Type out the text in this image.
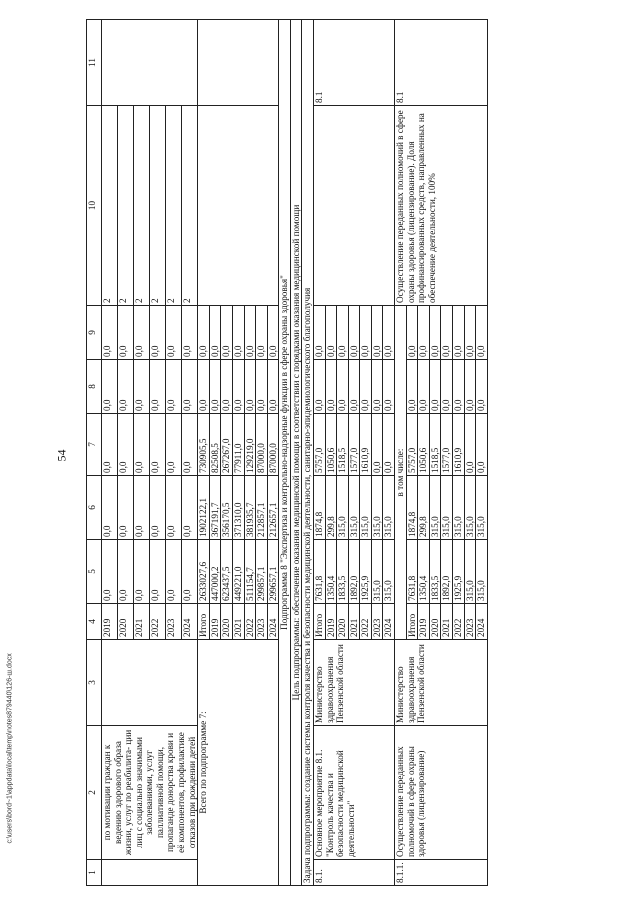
54
c:\users\bord~1\appdata\local\temp\notes879440\126-ш.docx
1	2	3	4	5	6	7	8	9	10	11
	по мотивации граждан к ведению здорового образа жизни, услуг по реабилита- ции лиц с социально значимыми заболеваниями, услуг паллиативной помощи, пропаганде донорства крови и её компонентов, профилактике отказов при рождении детей		2019	0,0	0,0	0,0	0,0	0,0	2	
			2020	0,0	0,0	0,0	0,0	0,0	2	
			2021	0,0	0,0	0,0	0,0	0,0	2	
			2022	0,0	0,0	0,0	0,0	0,0	2	
			2023	0,0	0,0	0,0	0,0	0,0	2	
			2024	0,0	0,0	0,0	0,0	0,0	2	
Всего по подпрограмме 7:			Итого	2633027,6	1902122,1	730905,5	0,0	0,0		
			2019	447000,2	367191,7	82508,5	0,0	0,0		
			2020	623437,5	356170,5	267267,0	0,0	0,0		
			2021	449221,0	371310,0	77911,0	0,0	0,0		
			2022	511154,7	381935,7	129219,0	0,0	0,0		
			2023	299857,1	212857,1	87000,0	0,0	0,0		
			2024	299657,1	212657,1	87000,0	0,0	0,0		
Подпрограмма 8 "Экспертиза и контрольно-надзорные функции в сфере охраны здоровья"										
Цель подпрограммы: обеспечение оказания медицинской помощи в соответствии с порядками оказания медицинской помощи										
Задача подпрограммы: создание системы контроля качества и безопасности медицинской деятельности, санитарно-эпидемиологического благополучия										
8.1.	Основное мероприятие 8.1. "Контроль качества и безопасности медицинской деятельности"	Министерство здравоохранения Пензенской области	Итого	7631,8	1874,8	5757,0	0,0	0,0		8.1
			2019	1350,4	299,8	1050,6	0,0	0,0		
			2020	1833,5	315,0	1518,5	0,0	0,0		
			2021	1892,0	315,0	1577,0	0,0	0,0		
			2022	1925,9	315,0	1610,9	0,0	0,0		
			2023	315,0	315,0	0,0	0,0	0,0		
			2024	315,0	315,0	0,0	0,0	0,0		
8.1.1.	Осуществление переданных полномочий в сфере охраны здоровья (лицензирование)	Министерство здравоохранения Пензенской области	в том числе:						Осуществление переданных полномочий в сфере охраны здоровья (лицензирование). Доля профинансированных средств, направленных на обеспечение деятельности, 100%	8.1
			Итого	7631,8	1874,8	5757,0	0,0	0,0		
			2019	1350,4	299,8	1050,6	0,0	0,0		
			2020	1833,5	315,0	1518,5	0,0	0,0		
			2021	1892,0	315,0	1577,0	0,0	0,0		
			2022	1925,9	315,0	1610,9	0,0	0,0		
			2023	315,0	315,0	0,0	0,0	0,0		
			2024	315,0	315,0	0,0	0,0	0,0		
